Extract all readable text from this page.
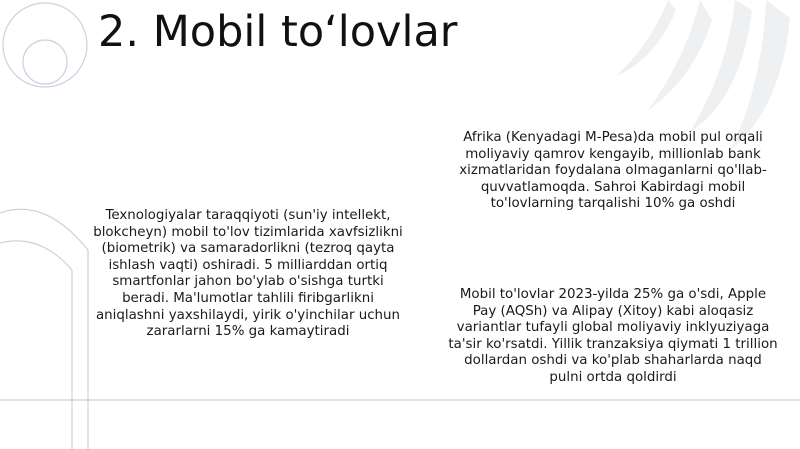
2. Mobil to‘lovlar

Texnologiyalar taraqqiyoti (sun'iy intellekt, blokcheyn) mobil to'lov tizimlarida xavfsizlikni (biometrik) va samaradorlikni (tezroq qayta ishlash vaqti) oshiradi. 5 milliarddan ortiq smartfonlar jahon bo'ylab o'sishga turtki beradi. Ma'lumotlar tahlili firibgarlikni aniqlashni yaxshilaydi, yirik o'yinchilar uchun zararlarni 15% ga kamaytiradi

Afrika (Kenyadagi M-Pesa)da mobil pul orqali moliyaviy qamrov kengayib, millionlab bank xizmatlaridan foydalana olmaganlarni qo'llab-quvvatlamoqda. Sahroi Kabirdagi mobil to'lovlarning tarqalishi 10% ga oshdi

Mobil to'lovlar 2023-yilda 25% ga o'sdi, Apple Pay (AQSh) va Alipay (Xitoy) kabi aloqasiz variantlar tufayli global moliyaviy inklyuziyaga ta'sir ko'rsatdi. Yillik tranzaksiya qiymati 1 trillion dollardan oshdi va ko'plab shaharlarda naqd pulni ortda qoldirdi
